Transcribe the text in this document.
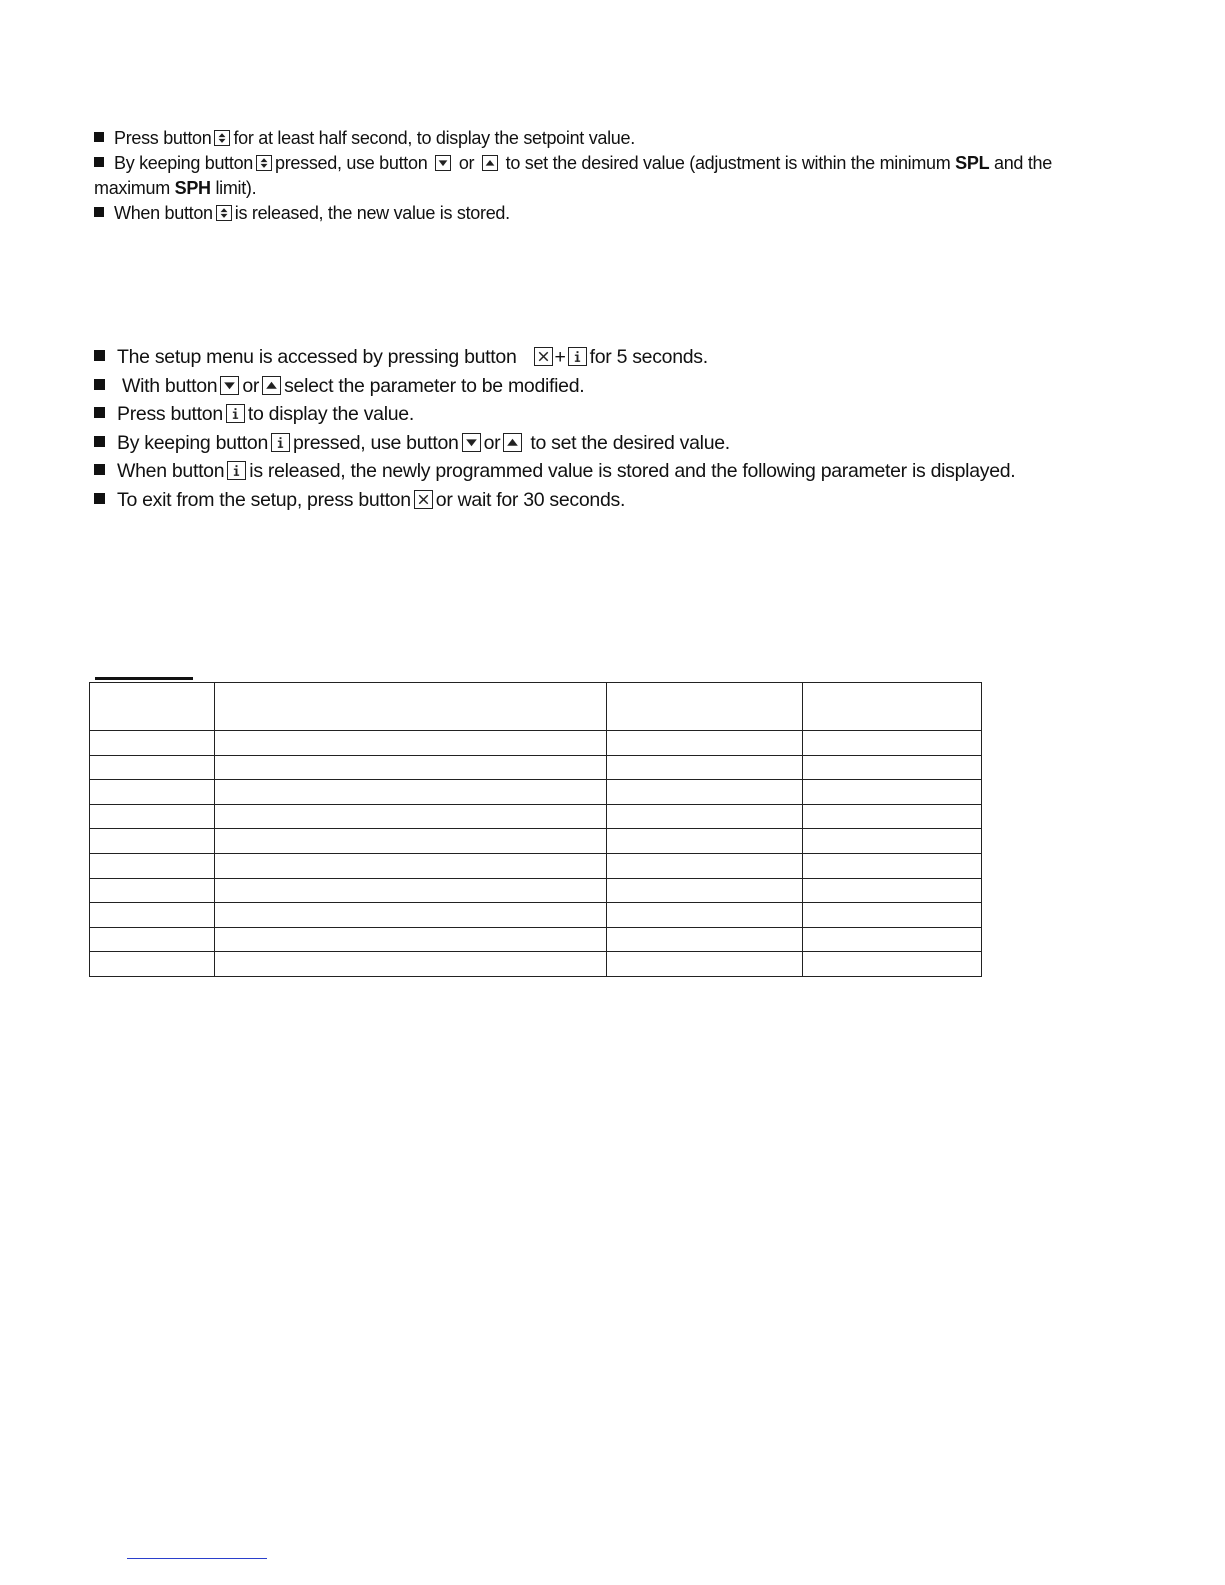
Press button for at least half second, to display the setpoint value.

By keeping button pressed, use button or to set the desired value (adjustment is within the minimum SPL and the maximum SPH limit).

When button is released, the new value is stored.

The setup menu is accessed by pressing button + for 5 seconds.

With button or select the parameter to be modified.

Press button to display the value.

By keeping button pressed, use button or to set the desired value.

When button is released, the newly programmed value is stored and the following parameter is displayed.

To exit from the setup, press button or wait for 30 seconds.
